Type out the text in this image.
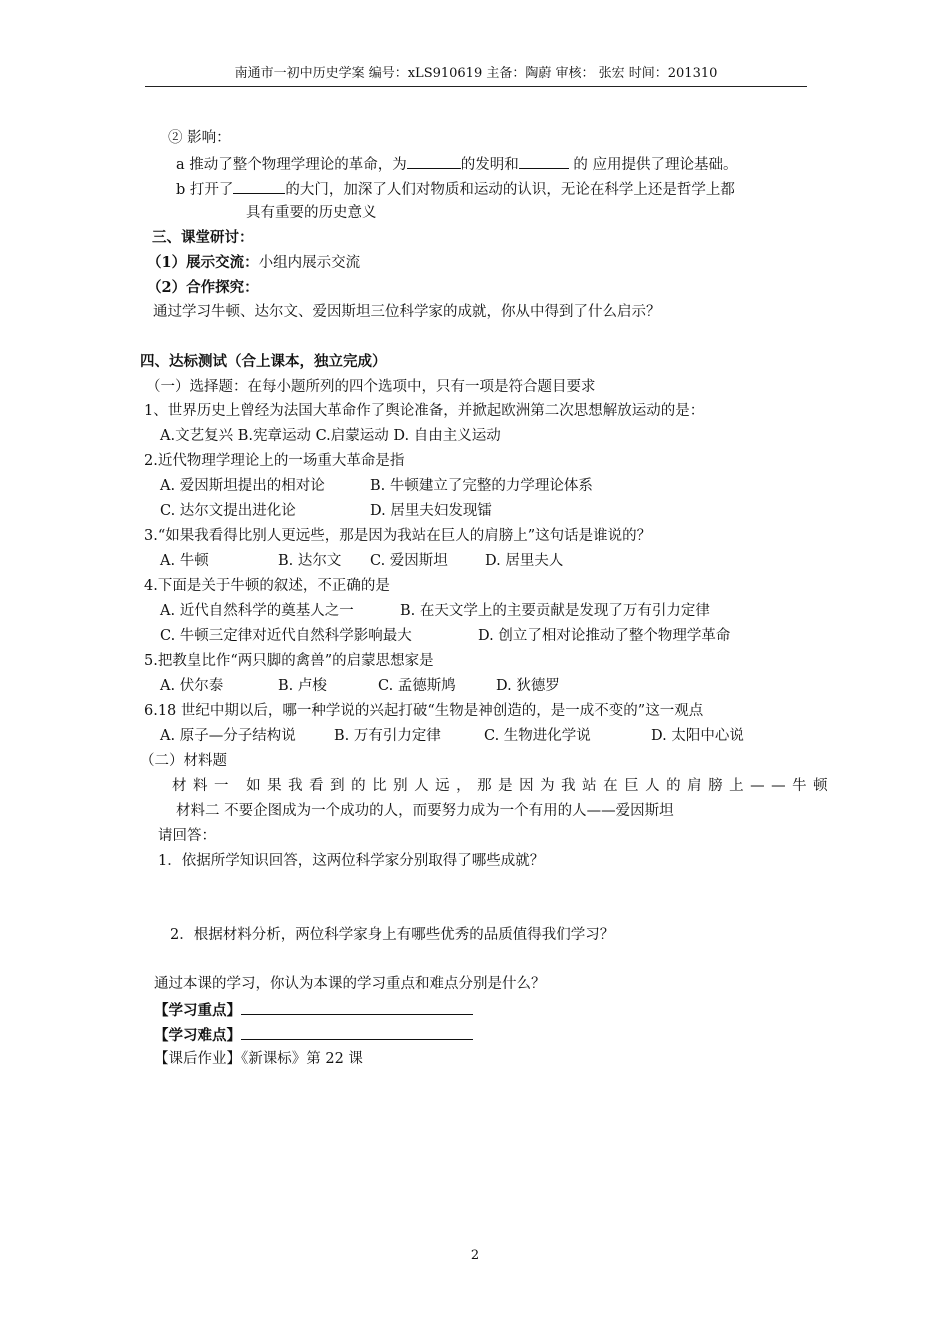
南通市一初中历史学案 编号：xLS910619 主备：陶蔚 审核： 张宏 时间：201310
② 影响：
a 推动了整个物理学理论的革命，为	的发明和	的 应用提供了理论基础。
b 打开了	的大门，加深了人们对物质和运动的认识，无论在科学上还是哲学上都
具有重要的历史意义
三、课堂研讨：
（1）展示交流：小组内展示交流
（2）合作探究：
通过学习牛顿、达尔文、爱因斯坦三位科学家的成就，你从中得到了什么启示？
四、达标测试（合上课本，独立完成）
（一）选择题：在每小题所列的四个选项中，只有一项是符合题目要求
1、世界历史上曾经为法国大革命作了舆论准备，并掀起欧洲第二次思想解放运动的是：
A.文艺复兴 B.宪章运动 C.启蒙运动 D. 自由主义运动
2.近代物理学理论上的一场重大革命是指
A. 爱因斯坦提出的相对论	B. 牛顿建立了完整的力学理论体系
C. 达尔文提出进化论	D. 居里夫妇发现镭
3.“如果我看得比别人更远些，那是因为我站在巨人的肩膀上”这句话是谁说的？
A. 牛顿	B. 达尔文 C. 爱因斯坦	D. 居里夫人
4.下面是关于牛顿的叙述，不正确的是
A. 近代自然科学的奠基人之一	B. 在天文学上的主要贡献是发现了万有引力定律
C. 牛顿三定律对近代自然科学影响最大	D. 创立了相对论推动了整个物理学革命
5.把教皇比作“两只脚的禽兽”的启蒙思想家是
A. 伏尔泰	B. 卢梭	C. 孟德斯鸠	D. 狄德罗
6.18 世纪中期以后，哪一种学说的兴起打破“生物是神创造的，是一成不变的”这一观点
A. 原子—分子结构说	B. 万有引力定律	C. 生物进化学说	D. 太阳中心说
（二）材料题
材料一 如果我看到的比别人远，那是因为我站在巨人的肩膀上——牛顿
材料二 不要企图成为一个成功的人，而要努力成为一个有用的人——爱因斯坦
请回答：
1．依据所学知识回答，这两位科学家分别取得了哪些成就？
2．根据材料分析，两位科学家身上有哪些优秀的品质值得我们学习？
通过本课的学习，你认为本课的学习重点和难点分别是什么？
【学习重点】
【学习难点】
【课后作业】《新课标》第 22 课
2
